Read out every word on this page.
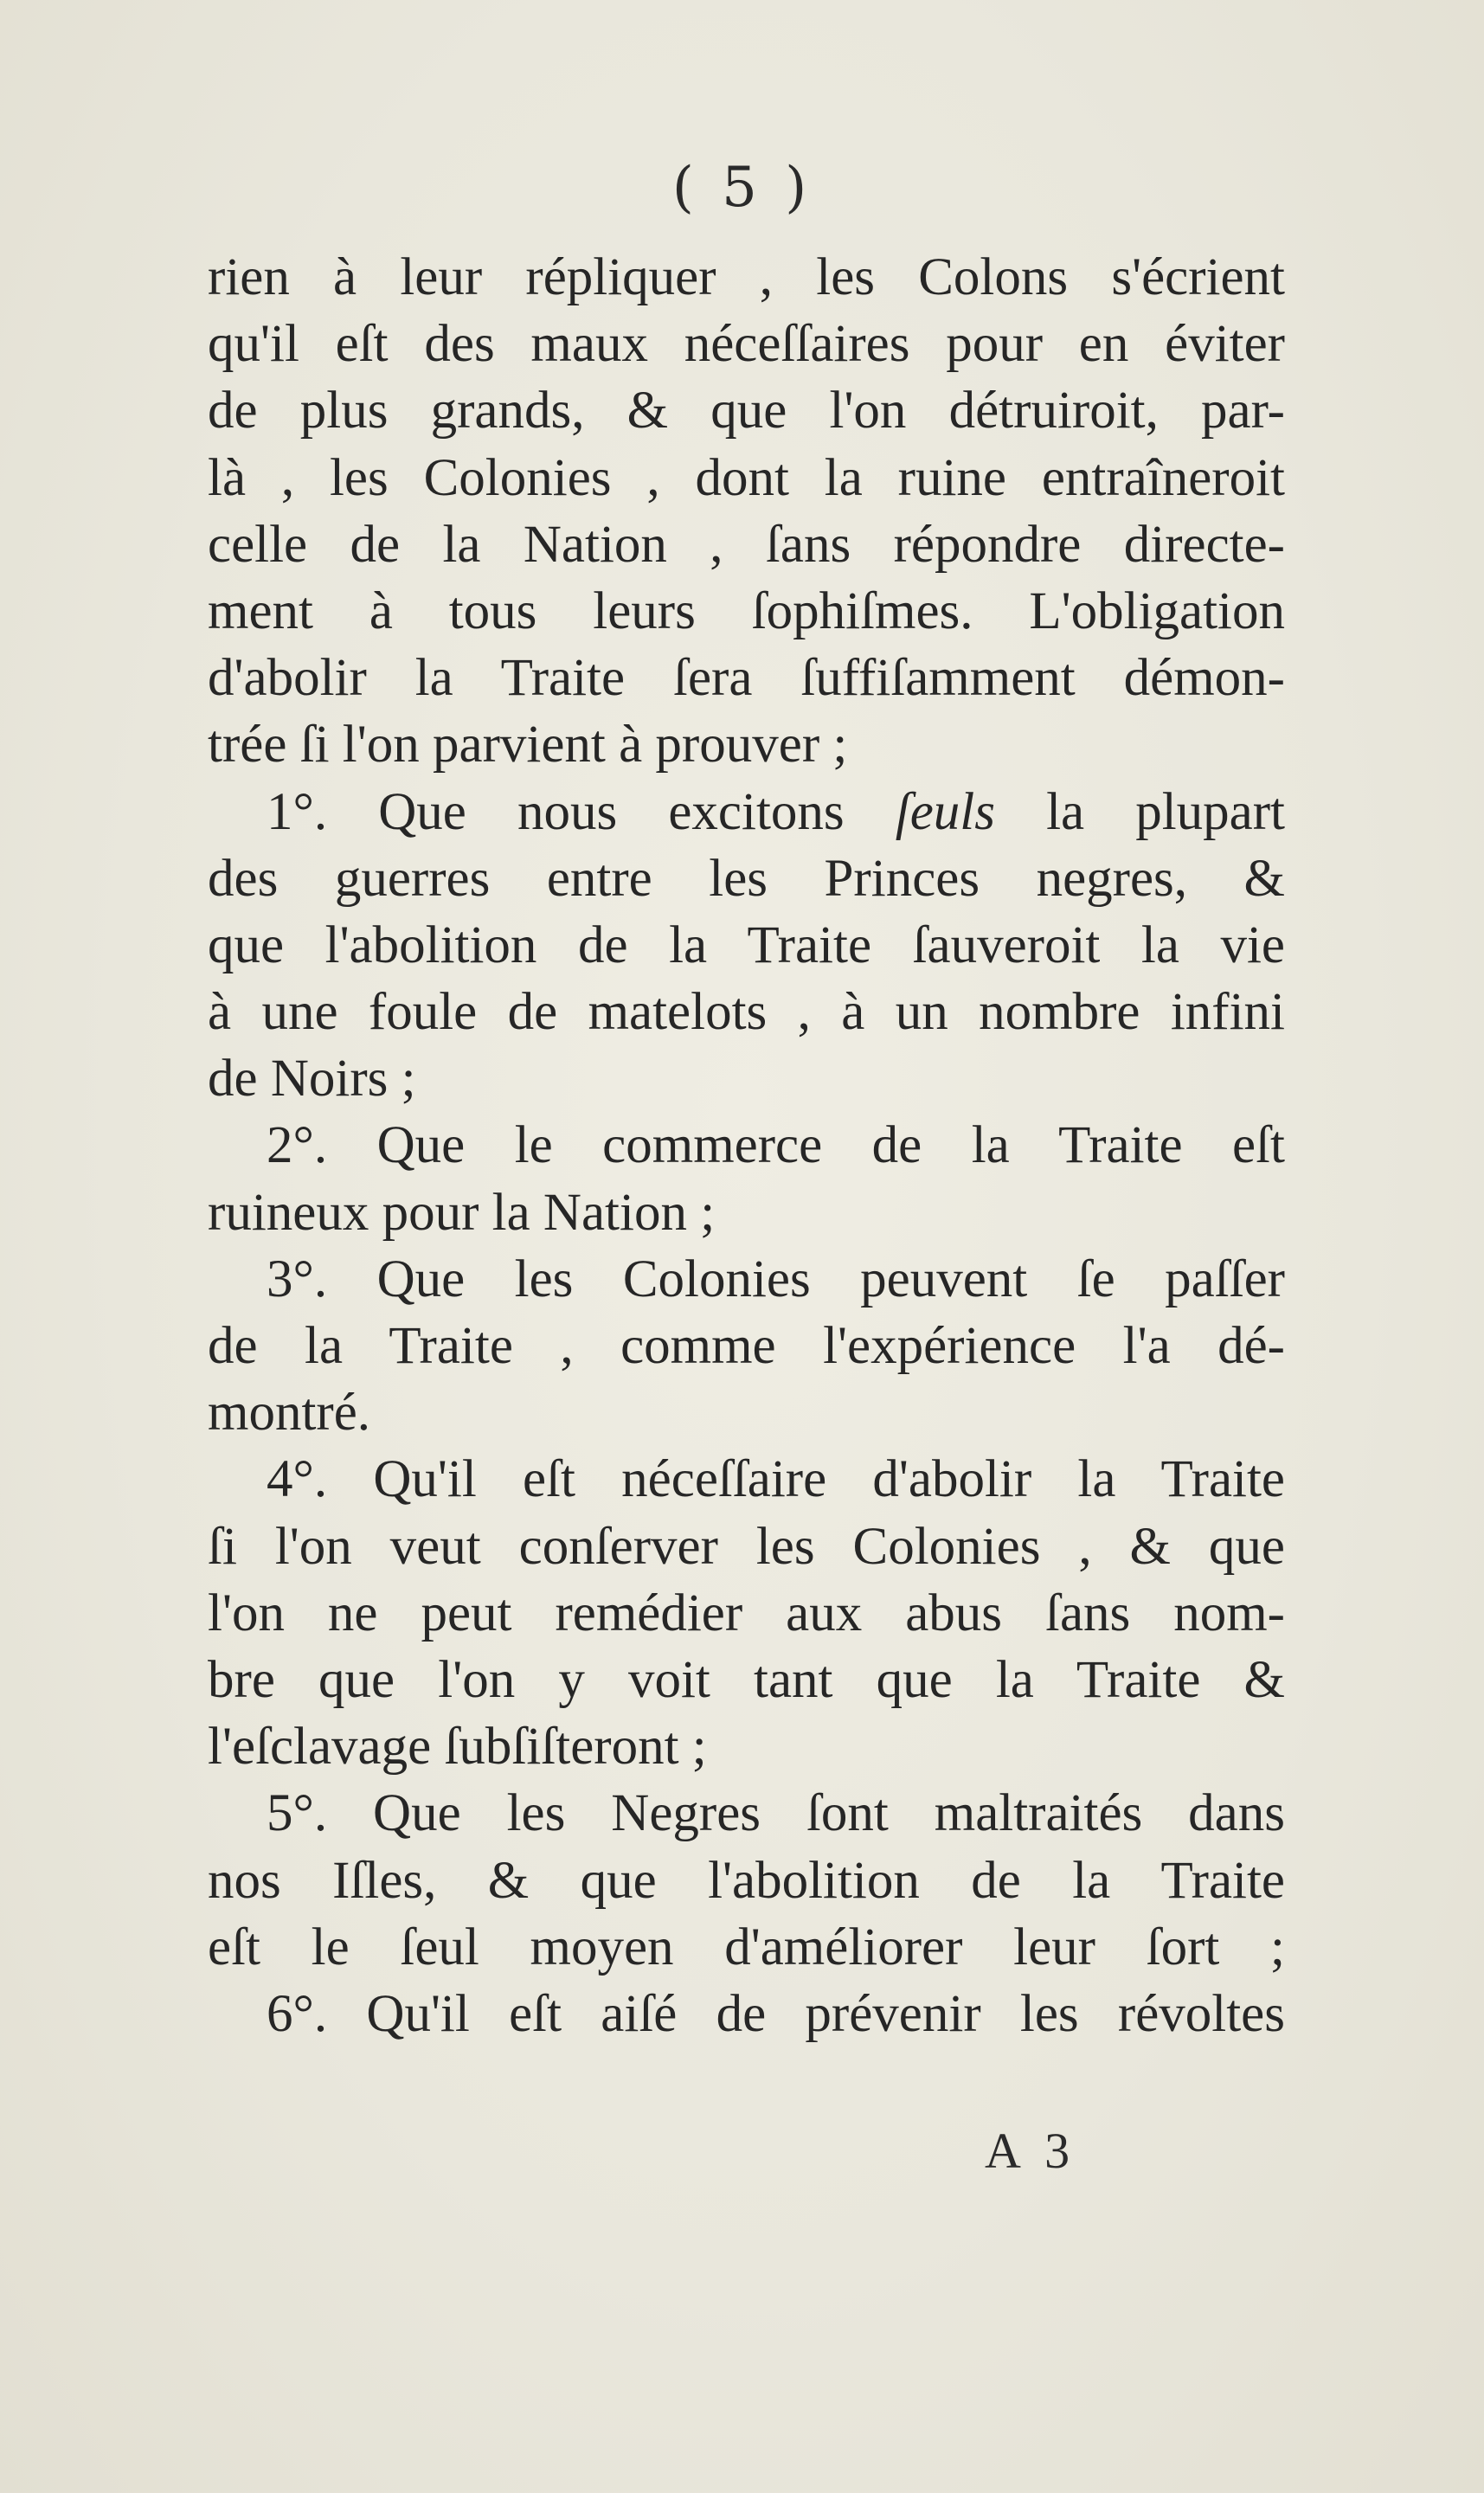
( 5 )
rien à leur répliquer , les Colons s'écrient
qu'il eſt des maux néceſſaires pour en éviter
de plus grands, & que l'on détruiroit, par-
là , les Colonies , dont la ruine entraîneroit
celle de la Nation , ſans répondre directe-
ment à tous leurs ſophiſmes. L'obligation
d'abolir la Traite ſera ſuffiſamment démon-
trée ſi l'on parvient à prouver ;
1°. Que nous excitons ſeuls la plupart
des guerres entre les Princes negres, &
que l'abolition de la Traite ſauveroit la vie
à une foule de matelots , à un nombre infini
de Noirs ;
2°. Que le commerce de la Traite eſt
ruineux pour la Nation ;
3°. Que les Colonies peuvent ſe paſſer
de la Traite , comme l'expérience l'a dé-
montré.
4°. Qu'il eſt néceſſaire d'abolir la Traite
ſi l'on veut conſerver les Colonies , & que
l'on ne peut remédier aux abus ſans nom-
bre que l'on y voit tant que la Traite &
l'eſclavage ſubſiſteront ;
5°. Que les Negres ſont maltraités dans
nos Iſles, & que l'abolition de la Traite
eſt le ſeul moyen d'améliorer leur ſort ;
6°. Qu'il eſt aiſé de prévenir les révoltes
A 3
